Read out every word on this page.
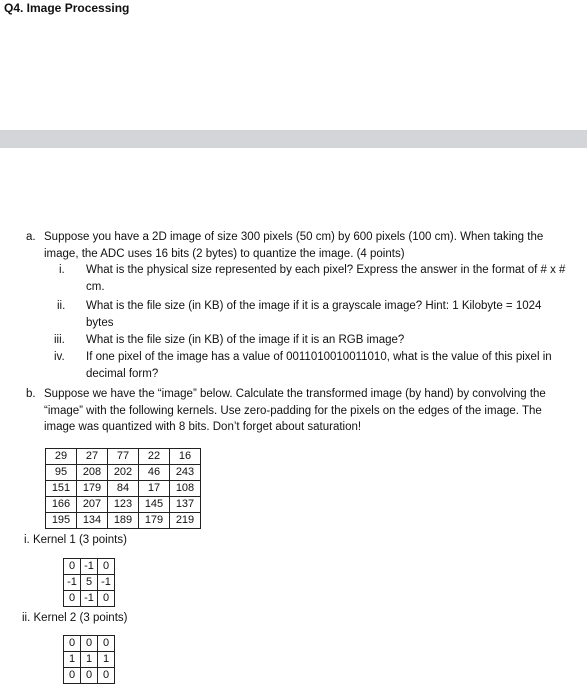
Q4. Image Processing
a. Suppose you have a 2D image of size 300 pixels (50 cm) by 600 pixels (100 cm). When taking the image, the ADC uses 16 bits (2 bytes) to quantize the image. (4 points)
i. What is the physical size represented by each pixel? Express the answer in the format of # x # cm.
ii. What is the file size (in KB) of the image if it is a grayscale image? Hint: 1 Kilobyte = 1024 bytes
iii. What is the file size (in KB) of the image if it is an RGB image?
iv. If one pixel of the image has a value of 0011010010011010, what is the value of this pixel in decimal form?
b. Suppose we have the “image” below. Calculate the transformed image (by hand) by convolving the “image” with the following kernels. Use zero-padding for the pixels on the edges of the image. The image was quantized with 8 bits. Don’t forget about saturation!
29	27	77	22	16
95	208	202	46	243
151	179	84	17	108
166	207	123	145	137
195	134	189	179	219
i. Kernel 1 (3 points)
0	-1	0
-1	5	-1
0	-1	0
ii. Kernel 2 (3 points)
0	0	0
1	1	1
0	0	0
